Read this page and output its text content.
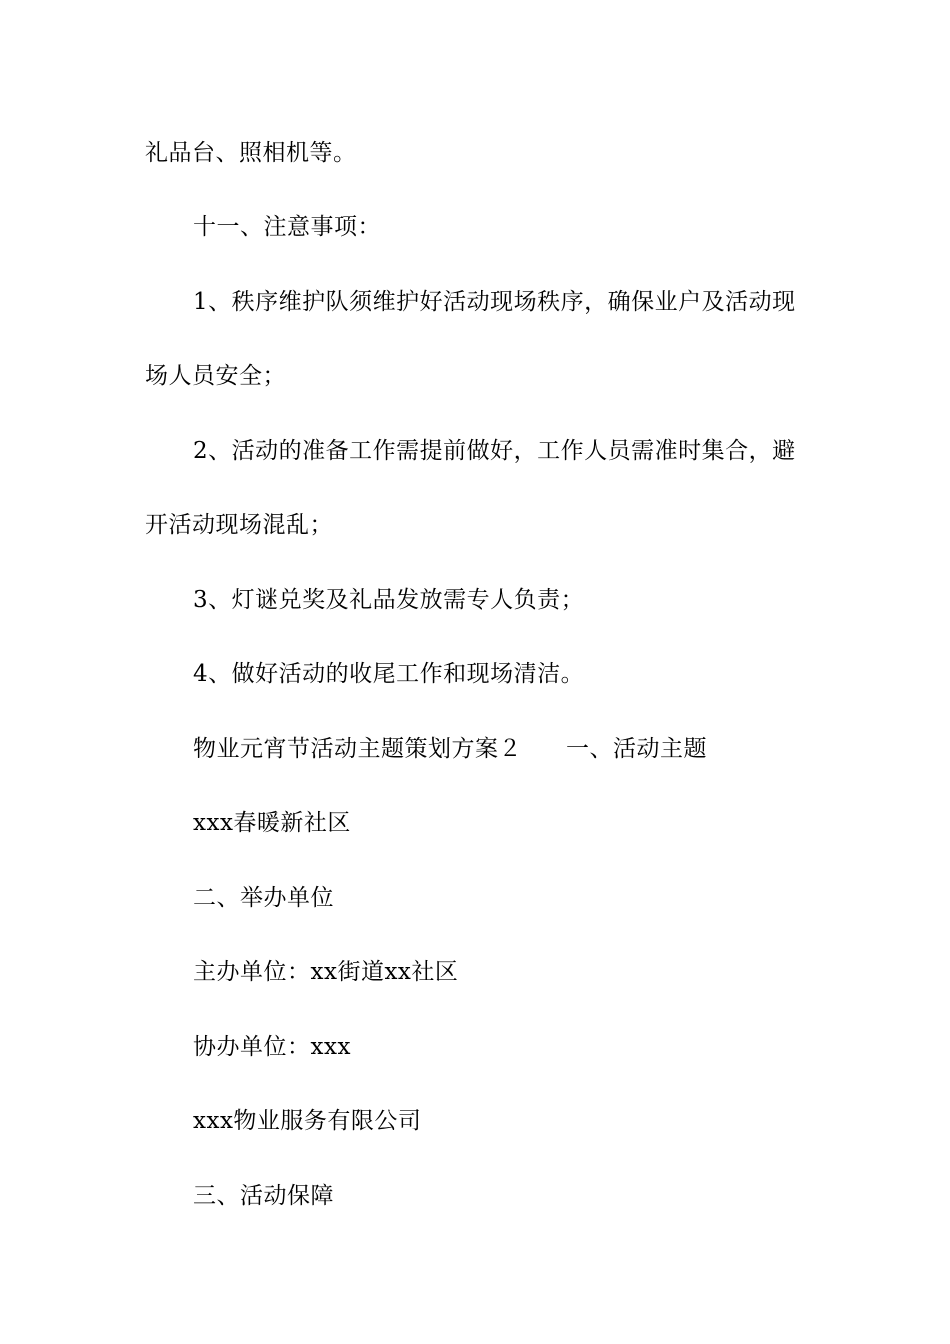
礼品台、照相机等。
十一、注意事项：
1、秩序维护队须维护好活动现场秩序，确保业户及活动现
场人员安全；
2、活动的准备工作需提前做好，工作人员需准时集合，避
开活动现场混乱；
3、灯谜兑奖及礼品发放需专人负责；
4、做好活动的收尾工作和现场清洁。
物业元宵节活动主题策划方案２ 一、活动主题
xxx春暖新社区
二、举办单位
主办单位：xx街道xx社区
协办单位：xxx
xxx物业服务有限公司
三、活动保障
